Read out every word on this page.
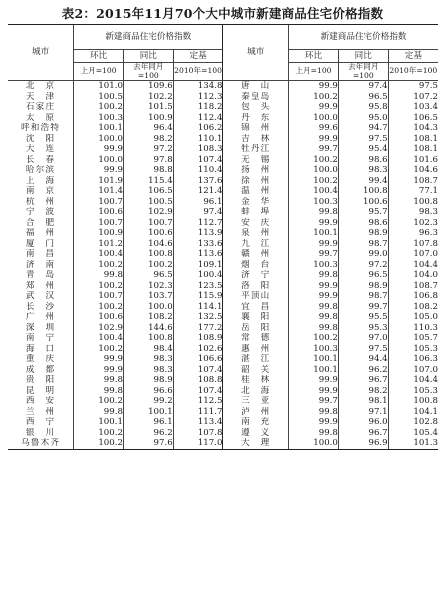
表2：2015年11月70个大中城市新建商品住宅价格指数
城市	新建商品住宅价格指数			城市	新建商品住宅价格指数		
	环比	同比	定基		环比	同比	定基
	上月=100	去年同月=100	2010年=100		上月=100	去年同月=100	2010年=100
北　京	101.0	109.6	134.8	唐　山	99.9	97.4	97.5
天　津	100.5	102.2	112.3	秦皇岛	100.2	96.5	107.2
石家庄	100.2	101.5	118.2	包　头	99.9	95.8	103.4
太　原	100.3	100.9	112.4	丹　东	100.0	95.0	106.5
呼和浩特	100.1	96.4	106.2	锦　州	99.6	94.7	104.3
沈　阳	100.0	98.2	110.1	吉　林	99.9	97.5	108.1
大　连	99.9	97.2	108.3	牡丹江	99.7	95.4	108.1
长　春	100.0	97.8	107.4	无　锡	100.2	98.6	101.6
哈尔滨	99.9	98.8	110.4	扬　州	100.0	98.3	104.6
上　海	101.9	115.4	137.6	徐　州	100.2	99.4	108.7
南　京	101.4	106.5	121.4	温　州	100.4	100.8	77.1
杭　州	100.7	100.5	96.1	金　华	100.3	100.6	100.8
宁　波	100.6	102.9	97.4	蚌　埠	99.8	95.7	98.3
合　肥	100.7	100.7	112.7	安　庆	99.9	98.6	102.3
福　州	100.9	100.6	113.9	泉　州	100.1	98.9	96.3
厦　门	101.2	104.6	133.6	九　江	99.9	98.7	107.8
南　昌	100.4	100.8	113.6	赣　州	99.7	99.0	107.0
济　南	100.2	100.2	109.1	烟　台	100.3	97.2	104.4
青　岛	99.8	96.5	100.4	济　宁	99.8	96.5	104.0
郑　州	100.2	102.3	123.5	洛　阳	99.9	98.9	108.7
武　汉	100.7	103.7	115.9	平顶山	99.9	98.7	106.8
长　沙	100.2	100.0	114.1	宜　昌	99.8	99.7	108.2
广　州	100.6	108.2	132.5	襄　阳	99.8	95.5	105.0
深　圳	102.9	144.6	177.2	岳　阳	99.8	95.3	110.3
南　宁	100.4	100.8	108.9	常　德	100.2	97.0	105.7
海　口	100.2	98.4	102.6	惠　州	100.3	97.5	105.3
重　庆	99.9	98.3	106.6	湛　江	100.1	94.4	106.3
成　都	99.9	98.3	107.4	韶　关	100.1	96.2	107.0
贵　阳	99.8	98.9	108.8	桂　林	99.9	96.7	104.4
昆　明	99.8	96.6	107.4	北　海	99.9	98.2	105.3
西　安	100.2	99.2	112.5	三　亚	99.7	98.1	100.8
兰　州	99.8	100.1	111.7	泸　州	99.8	97.1	104.1
西　宁	100.1	96.1	113.4	南　充	99.9	96.0	102.8
银　川	100.2	96.2	107.8	遵　义	99.8	96.7	105.4
乌鲁木齐	100.2	97.6	117.0	大　理	100.0	96.9	101.3
